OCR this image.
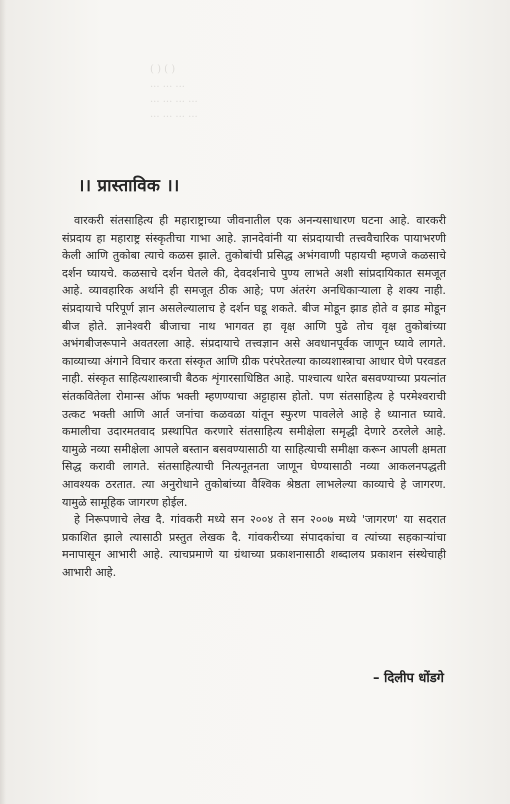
( ) ( )
... ... ...
... ... ... ...
... ... ... ...
।। प्रास्ताविक ।।

वारकरी संतसाहित्य ही महाराष्ट्राच्या जीवनातील एक अनन्यसाधारण घटना आहे. वारकरी संप्रदाय हा महाराष्ट्र संस्कृतीचा गाभा आहे. ज्ञानदेवांनी या संप्रदायाची तत्त्ववैचारिक पायाभरणी केली आणि तुकोबा त्याचे कळस झाले. तुकोबांची प्रसिद्ध अभंगवाणी पहायची म्हणजे कळसाचे दर्शन घ्यायचे. कळसाचे दर्शन घेतले की, देवदर्शनाचे पुण्य लाभते अशी सांप्रदायिकात समजूत आहे. व्यावहारिक अर्थाने ही समजूत ठीक आहे; पण अंतरंग अनधिकाऱ्याला हे शक्य नाही. संप्रदायाचे परिपूर्ण ज्ञान असलेल्यालाच हे दर्शन घडू शकते. बीज मोडून झाड होते व झाड मोडून बीज होते. ज्ञानेश्वरी बीजाचा नाथ भागवत हा वृक्ष आणि पुढे तोच वृक्ष तुकोबांच्या अभंगबीजरूपाने अवतरला आहे. संप्रदायाचे तत्त्वज्ञान असे अवधानपूर्वक जाणून घ्यावे लागते. काव्याच्या अंगाने विचार करता संस्कृत आणि ग्रीक परंपरेतल्या काव्यशास्त्राचा आधार घेणे परवडत नाही. संस्कृत साहित्यशास्त्राची बैठक शृंगारसाधिष्ठित आहे. पाश्चात्य धारेत बसवण्याच्या प्रयत्नांत संतकवितेला रोमान्स ऑफ भक्ती म्हणण्याचा अट्टाहास होतो. पण संतसाहित्य हे परमेश्वराची उत्कट भक्ती आणि आर्त जनांचा कळवळा यांतून स्फुरण पावलेले आहे हे ध्यानात घ्यावे. कमालीचा उदारमतवाद प्रस्थापित करणारे संतसाहित्य समीक्षेला समृद्धी देणारे ठरलेले आहे. यामुळे नव्या समीक्षेला आपले बस्तान बसवण्यासाठी या साहित्याची समीक्षा करून आपली क्षमता सिद्ध करावी लागते. संतसाहित्याची नित्यनूतनता जाणून घेण्यासाठी नव्या आकलनपद्धती आवश्यक ठरतात. त्या अनुरोधाने तुकोबांच्या वैश्विक श्रेष्ठता लाभलेल्या काव्याचे हे जागरण. यामुळे सामूहिक जागरण होईल.

हे निरूपणाचे लेख दै. गांवकरी मध्ये सन २००४ ते सन २००७ मध्ये 'जागरण' या सदरात प्रकाशित झाले त्यासाठी प्रस्तुत लेखक दै. गांवकरीच्या संपादकांचा व त्यांच्या सहकाऱ्यांचा मनापासून आभारी आहे. त्याचप्रमाणे या ग्रंथाच्या प्रकाशनासाठी शब्दालय प्रकाशन संस्थेचाही आभारी आहे.

– दिलीप धोंडगे
